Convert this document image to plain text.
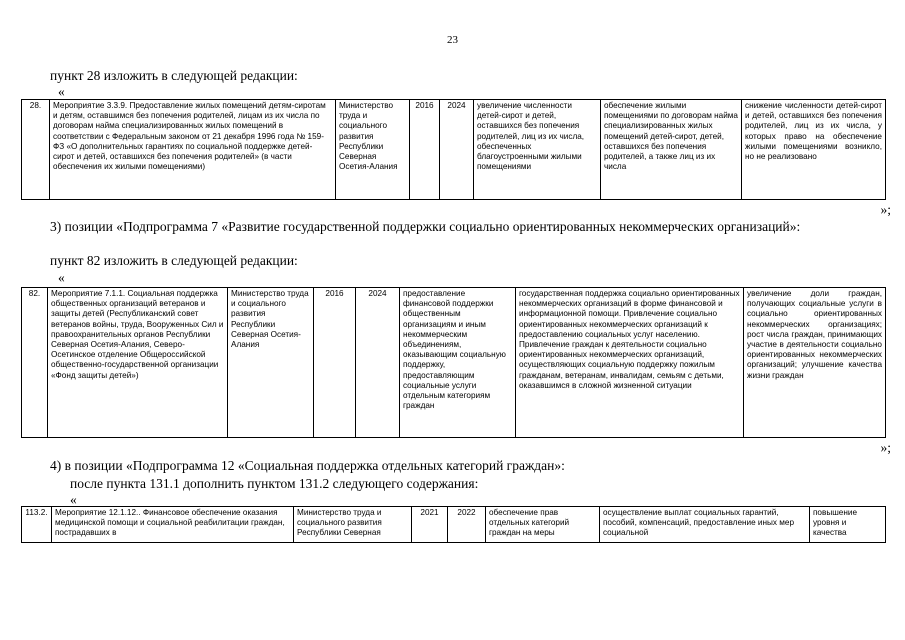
23
пункт 28 изложить в следующей редакции:
«
28.	Мероприятие 3.3.9. Предоставление жилых помещений детям-сиротам и детям, оставшимся без попечения родителей, лицам из их числа по договорам найма специализированных жилых помещений в соответствии с Федеральным законом от 21 декабря 1996 года № 159-ФЗ «О дополнительных гарантиях по социальной поддержке детей-сирот и детей, оставшихся без попечения родителей» (в части обеспечения их жилыми помещениями)	Министерство труда и социального развития Республики Северная Осетия-Алания	2016	2024	увеличение численности детей-сирот и детей, оставшихся без попечения родителей, лиц из их числа, обеспеченных благоустроенными жилыми помещениями	обеспечение жилыми помещениями по договорам найма специализированных жилых помещений детей-сирот, детей, оставшихся без попечения родителей, а также лиц из их числа	снижение численности детей-сирот и детей, оставшихся без попечения родителей, лиц из их числа, у которых право на обеспечение жилыми помещениями возникло, но не реализовано
»;
3) позиции «Подпрограмма 7 «Развитие государственной поддержки социально ориентированных некоммерческих организаций»:
пункт 82 изложить в следующей редакции:
«
82.	Мероприятие 7.1.1. Социальная поддержка общественных организаций ветеранов и защиты детей (Республиканский совет ветеранов войны, труда, Вооруженных Сил и правоохранительных органов Республики Северная Осетия-Алания, Северо-Осетинское отделение Общероссийской общественно-государственной организации «Фонд защиты детей»)	Министерство труда и социального развития Республики Северная Осетия-Алания	2016	2024	предоставление финансовой поддержки общественным организациям и иным некоммерческим объединениям, оказывающим социальную поддержку, предоставляющим социальные услуги отдельным категориям граждан	государственная поддержка социально ориентированных некоммерческих организаций в форме финансовой и информационной помощи. Привлечение социально ориентированных некоммерческих организаций к предоставлению социальных услуг населению. Привлечение граждан к деятельности социально ориентированных некоммерческих организаций, осуществляющих социальную поддержку пожилым гражданам, ветеранам, инвалидам, семьям с детьми, оказавшимся в сложной жизненной ситуации	увеличение доли граждан, получающих социальные услуги в социально ориентированных некоммерческих организациях; рост числа граждан, принимающих участие в деятельности социально ориентированных некоммерческих организаций; улучшение качества жизни граждан
»;
4) в позиции «Подпрограмма 12 «Социальная поддержка отдельных категорий граждан»:
после пункта 131.1 дополнить пунктом 131.2 следующего содержания:
«
113.2.	Мероприятие 12.1.12.. Финансовое обеспечение оказания медицинской помощи и социальной реабилитации граждан, пострадавших в	Министерство труда и социального развития Республики Северная	2021	2022	обеспечение прав отдельных категорий граждан на меры	осуществление выплат социальных гарантий, пособий, компенсаций, предоставление иных мер социальной	повышение уровня и качества
